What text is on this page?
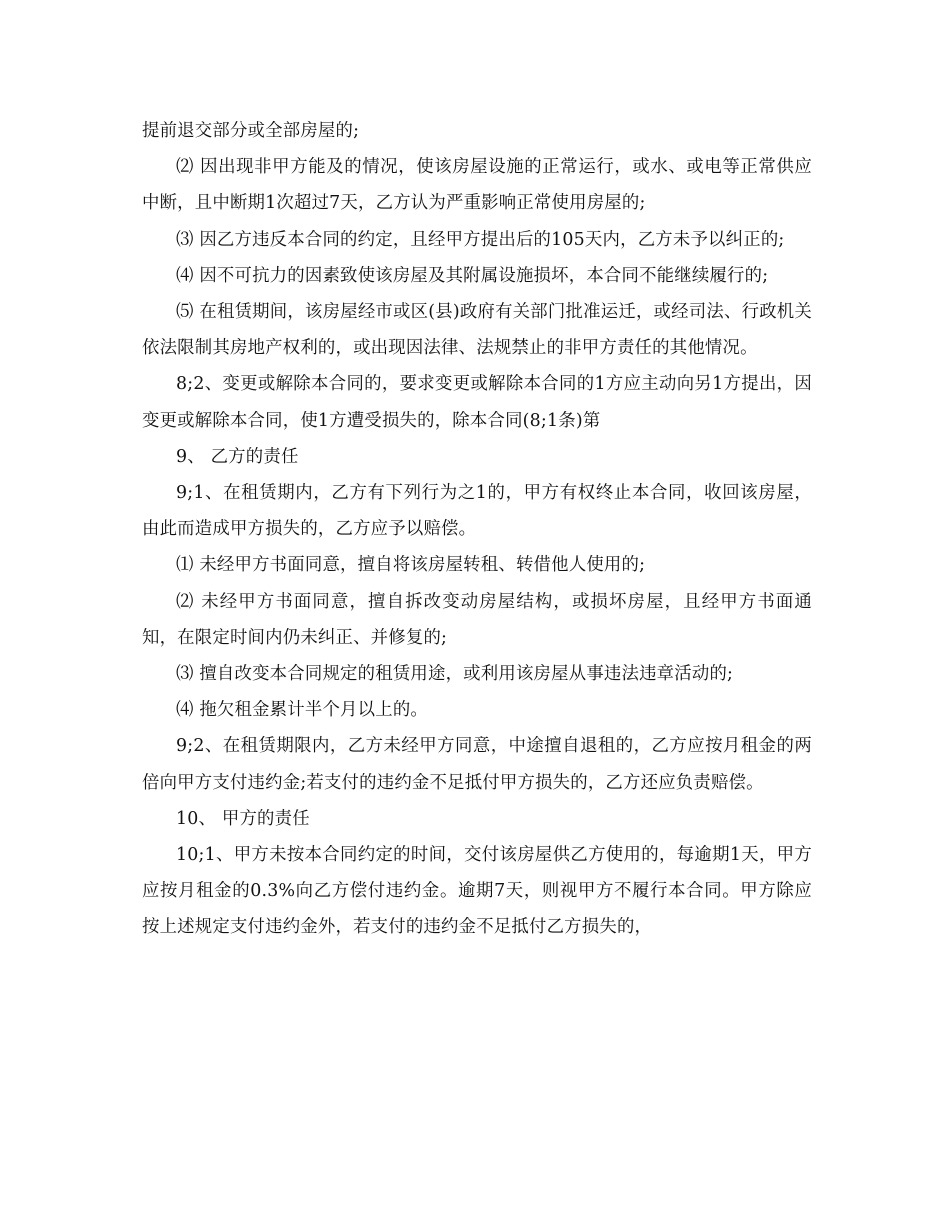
提前退交部分或全部房屋的;

⑵ 因出现非甲方能及的情况，使该房屋设施的正常运行，或水、或电等正常供应中断，且中断期1次超过7天，乙方认为严重影响正常使用房屋的;

⑶ 因乙方违反本合同的约定，且经甲方提出后的105天内，乙方未予以纠正的;

⑷ 因不可抗力的因素致使该房屋及其附属设施损坏，本合同不能继续履行的;

⑸ 在租赁期间，该房屋经市或区(县)政府有关部门批准运迁，或经司法、行政机关依法限制其房地产权利的，或出现因法律、法规禁止的非甲方责任的其他情况。

8;2、变更或解除本合同的，要求变更或解除本合同的1方应主动向另1方提出，因变更或解除本合同，使1方遭受损失的，除本合同(8;1条)第

9、 乙方的责任

9;1、在租赁期内，乙方有下列行为之1的，甲方有权终止本合同，收回该房屋，由此而造成甲方损失的，乙方应予以赔偿。

⑴ 未经甲方书面同意，擅自将该房屋转租、转借他人使用的;

⑵ 未经甲方书面同意，擅自拆改变动房屋结构，或损坏房屋，且经甲方书面通知，在限定时间内仍未纠正、并修复的;

⑶ 擅自改变本合同规定的租赁用途，或利用该房屋从事违法违章活动的;

⑷ 拖欠租金累计半个月以上的。

9;2、在租赁期限内，乙方未经甲方同意，中途擅自退租的，乙方应按月租金的两倍向甲方支付违约金;若支付的违约金不足抵付甲方损失的，乙方还应负责赔偿。

10、 甲方的责任

10;1、甲方未按本合同约定的时间，交付该房屋供乙方使用的，每逾期1天，甲方应按月租金的0.3%向乙方偿付违约金。逾期7天，则视甲方不履行本合同。甲方除应按上述规定支付违约金外，若支付的违约金不足抵付乙方损失的，
